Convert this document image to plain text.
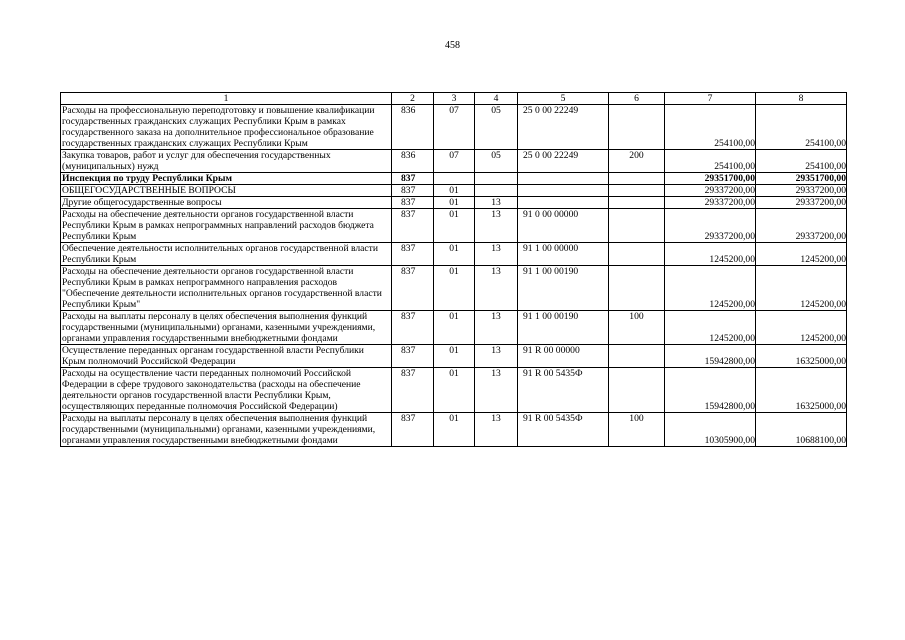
458
1	2	3	4	5	6	7	8
Расходы на профессиональную переподготовку и повышение квалификации государственных гражданских служащих Республики Крым в рамках государственного заказа на дополнительное профессиональное образование государственных гражданских служащих Республики Крым	836	07	05	25 0 00 22249		254100,00	254100,00
Закупка товаров, работ и услуг для обеспечения государственных (муниципальных) нужд	836	07	05	25 0 00 22249	200	254100,00	254100,00
Инспекция по труду Республики Крым	837					29351700,00	29351700,00
ОБЩЕГОСУДАРСТВЕННЫЕ ВОПРОСЫ	837	01				29337200,00	29337200,00
Другие общегосударственные вопросы	837	01	13			29337200,00	29337200,00
Расходы на обеспечение деятельности органов государственной власти Республики Крым в рамках непрограммных направлений расходов бюджета Республики Крым	837	01	13	91 0 00 00000		29337200,00	29337200,00
Обеспечение деятельности исполнительных органов государственной власти Республики Крым	837	01	13	91 1 00 00000		1245200,00	1245200,00
Расходы на обеспечение деятельности органов государственной власти Республики Крым в рамках непрограммного направления расходов "Обеспечение деятельности исполнительных органов государственной власти Республики Крым"	837	01	13	91 1 00 00190		1245200,00	1245200,00
Расходы на выплаты персоналу в целях обеспечения выполнения функций государственными (муниципальными) органами, казенными учреждениями, органами управления государственными внебюджетными фондами	837	01	13	91 1 00 00190	100	1245200,00	1245200,00
Осуществление переданных органам государственной власти Республики Крым полномочий Российской Федерации	837	01	13	91 R 00 00000		15942800,00	16325000,00
Расходы на осуществление части переданных полномочий Российской Федерации в сфере трудового законодательства (расходы на обеспечение деятельности органов государственной власти Республики Крым, осуществляющих переданные полномочия Российской Федерации)	837	01	13	91 R 00 5435Ф		15942800,00	16325000,00
Расходы на выплаты персоналу в целях обеспечения выполнения функций государственными (муниципальными) органами, казенными учреждениями, органами управления государственными внебюджетными фондами	837	01	13	91 R 00 5435Ф	100	10305900,00	10688100,00
